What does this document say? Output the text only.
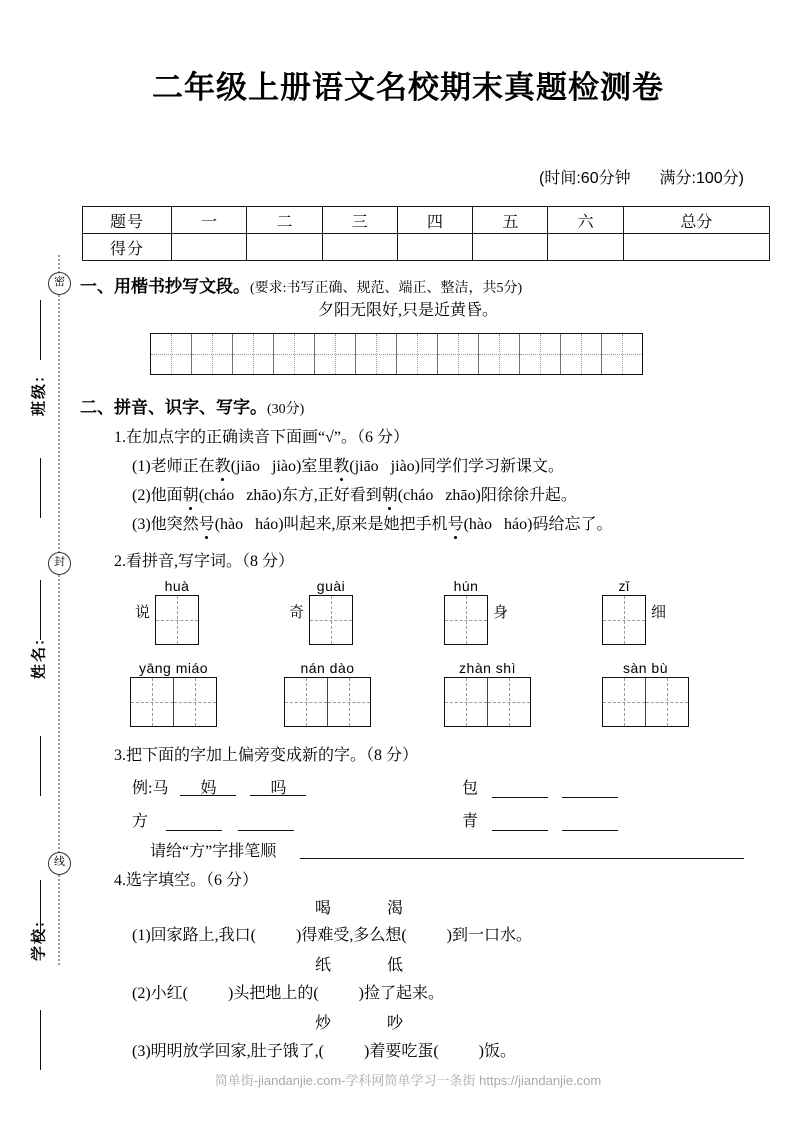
密
封
线
班级:
姓名:
学校:
二年级上册语文名校期末真题检测卷
(时间:60分钟 满分:100分)
题号	一	二	三	四	五	六	总分
得分							
一、用楷书抄写文段。(要求:书写正确、规范、端正、整洁，共5分)
夕阳无限好,只是近黄昏。
二、拼音、识字、写字。(30分)
1.在加点字的正确读音下面画“√”。（6 分）
(1)老师正在教(jiāo   jiào)室里教(jiāo   jiào)同学们学习新课文。
(2)他面朝(cháo   zhāo)东方,正好看到朝(cháo   zhāo)阳徐徐升起。
(3)他突然号(hào   háo)叫起来,原来是她把手机号(hào   háo)码给忘了。
2.看拼音,写字词。（8 分）
说
huà
奇
guài	hún
身
zǐ
细
yāng miáo	nán dào	zhàn shì	sàn bù
3.把下面的字加上偏旁变成新的字。（8 分）
例:马 妈	吗	包
方	青
请给“方”字排笔顺
4.选字填空。（6 分）
喝	渴
(1)回家路上,我口(	)得难受,多么想(	)到一口水。
纸	低
(2)小红(	)头把地上的(	)捡了起来。
炒	吵
(3)明明放学回家,肚子饿了,(	)着要吃蛋(	)饭。
简单街-jiandanjie.com-学科网简单学习一条街 https://jiandanjie.com
